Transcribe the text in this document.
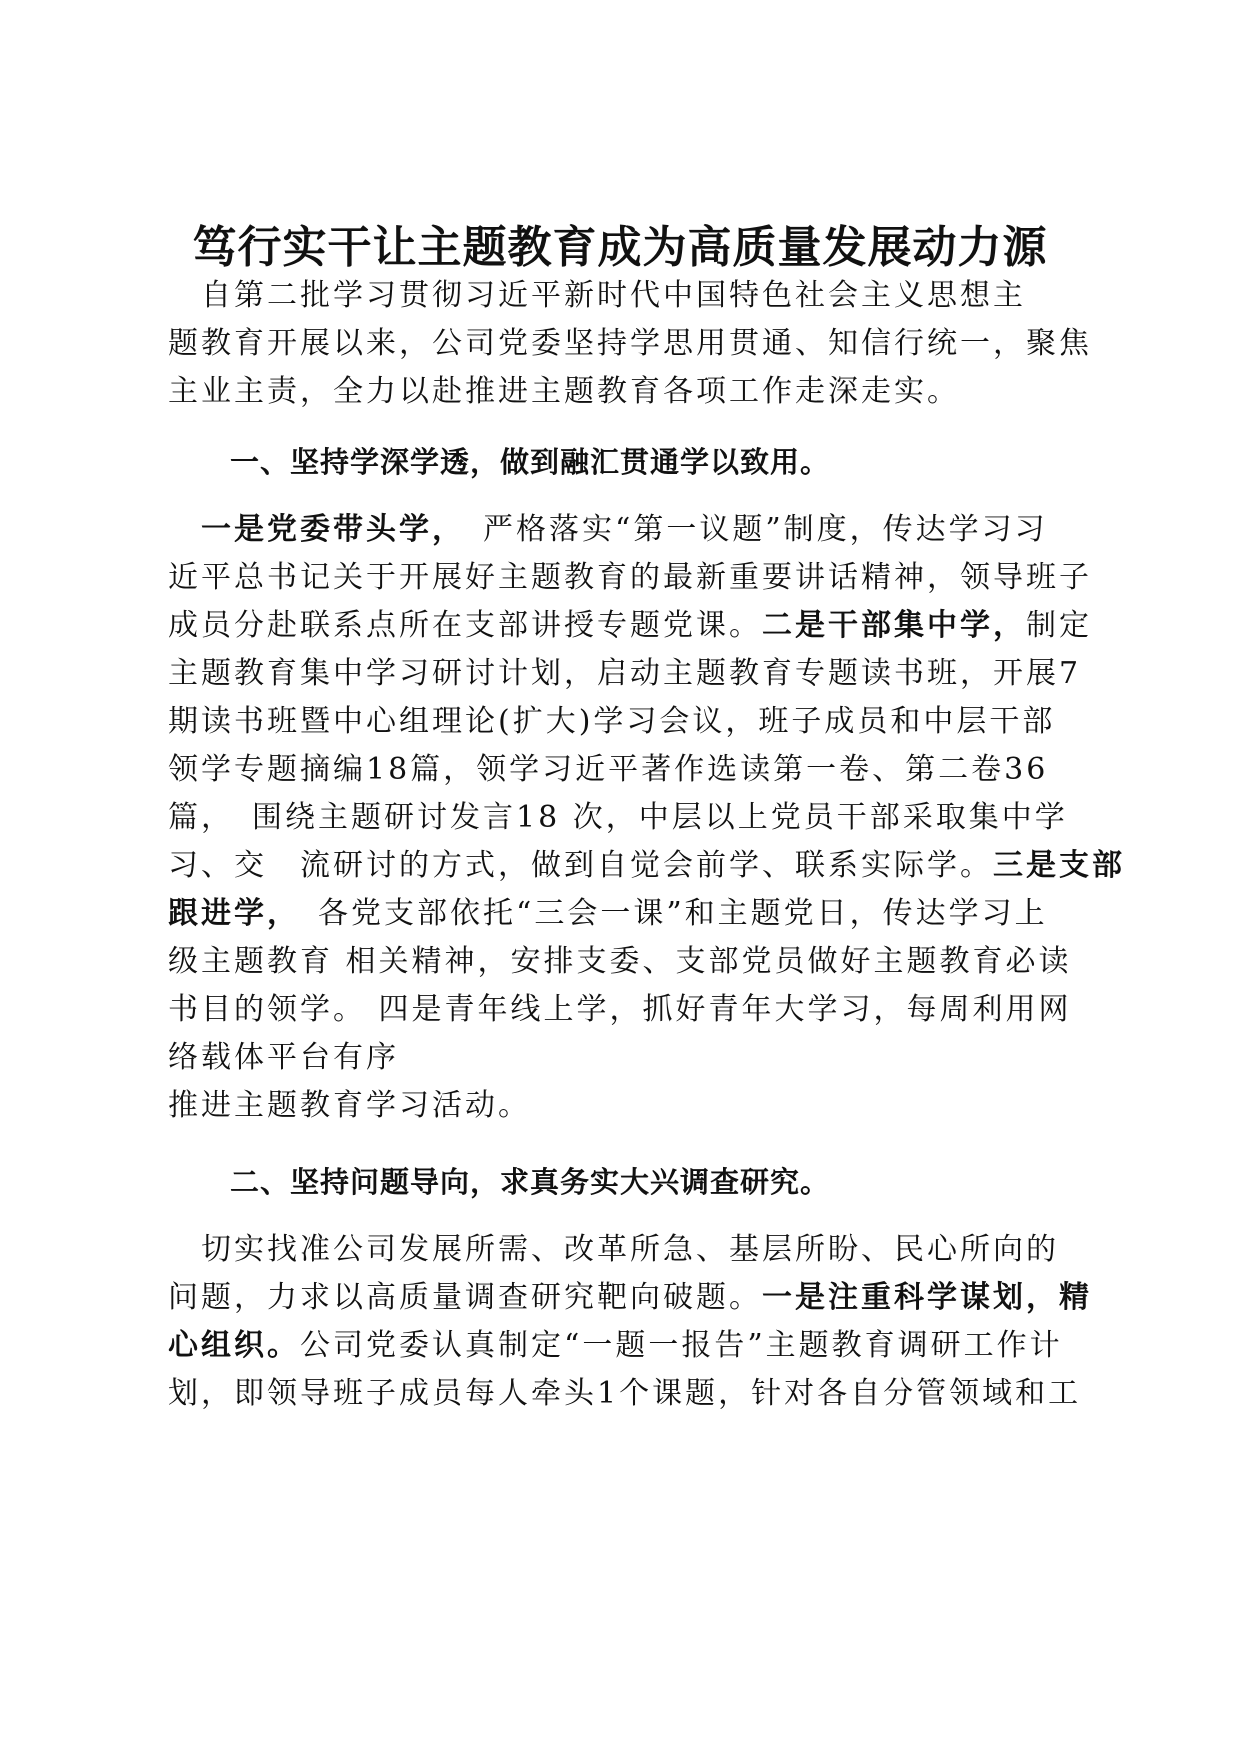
笃行实干让主题教育成为高质量发展动力源
　自第二批学习贯彻习近平新时代中国特色社会主义思想主
题教育开展以来，公司党委坚持学思用贯通、知信行统一，聚焦
主业主责，全力以赴推进主题教育各项工作走深走实。
一、坚持学深学透，做到融汇贯通学以致用。
　一是党委带头学，　严格落实“第一议题”制度，传达学习习
近平总书记关于开展好主题教育的最新重要讲话精神，领导班子
成员分赴联系点所在支部讲授专题党课。二是干部集中学，制定
主题教育集中学习研讨计划，启动主题教育专题读书班，开展7
期读书班暨中心组理论(扩大)学习会议，班子成员和中层干部
领学专题摘编18篇，领学习近平著作选读第一卷、第二卷36
篇，　围绕主题研讨发言18 次，中层以上党员干部采取集中学
习、交　流研讨的方式，做到自觉会前学、联系实际学。三是支部
跟进学，　各党支部依托“三会一课”和主题党日，传达学习上
级主题教育 相关精神，安排支委、支部党员做好主题教育必读
书目的领学。 四是青年线上学，抓好青年大学习，每周利用网
络载体平台有序
推进主题教育学习活动。
二、坚持问题导向，求真务实大兴调查研究。
　切实找准公司发展所需、改革所急、基层所盼、民心所向的
问题，力求以高质量调查研究靶向破题。一是注重科学谋划，精
心组织。公司党委认真制定“一题一报告”主题教育调研工作计
划，即领导班子成员每人牵头1个课题，针对各自分管领域和工
